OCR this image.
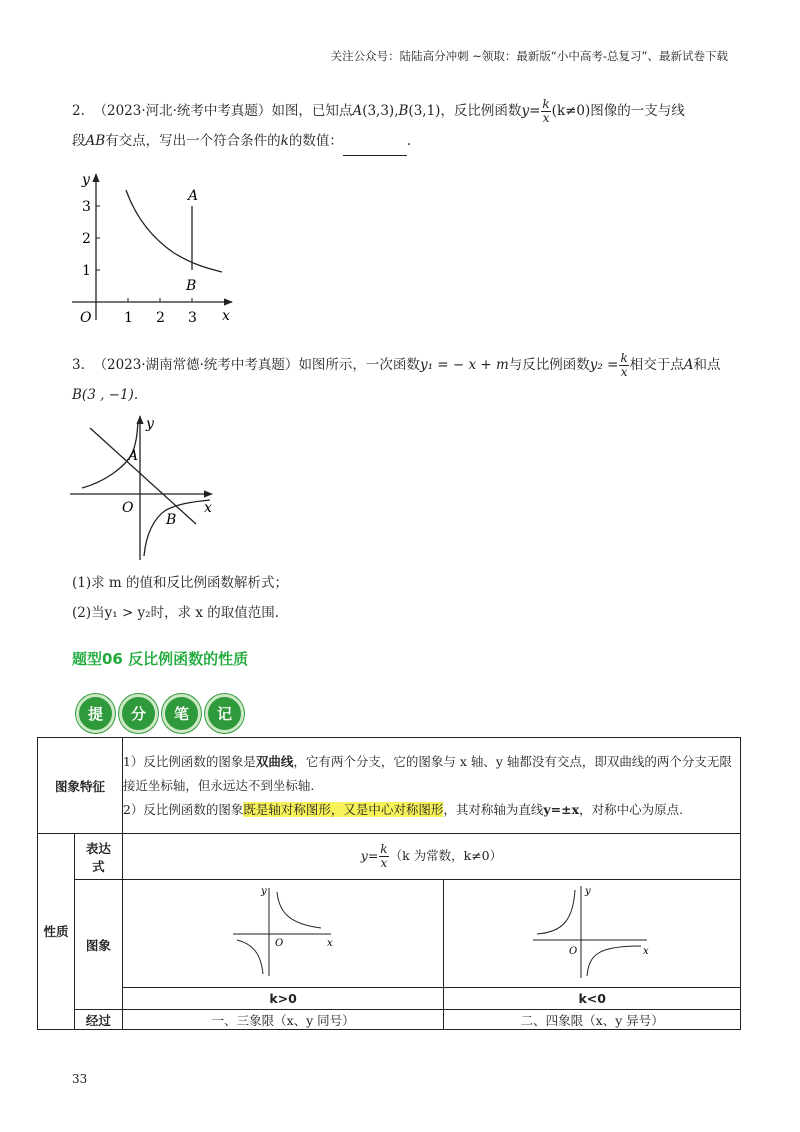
关注公众号：陆陆高分冲刺 ~领取：最新版“小中高考-总复习”、最新试卷下载
2. （2023·河北·统考中考真题）如图，已知点A(3,3),B(3,1)，反比例函数$y= \frac{k}{x} (k\ne 0)$图像的一支与线
段AB有交点，写出一个符合条件的k的数值：	.
y
x
O
3
2
1
1 2 3
A
B
3. （2023·湖南常德·统考中考真题）如图所示，一次函数y₁ = − x + m与反比例函数$y_2 = \frac{k}{x}$ 相交于点A和点
B(3 , −1).
y
x
O
A
B
(1)求 m 的值和反比例函数解析式；
(2)当y₁ > y₂时，求 x 的取值范围.
题型06 反比例函数的性质
提	分	笔	记
图象特征		1）反比例函数的图象是双曲线，它有两个分支，它的图象与 x 轴、y 轴都没有交点，即双曲线的两个分支无限接近坐标轴，但永远达不到坐标轴.
2）反比例函数的图象既是轴对称图形，又是中心对称图形，其对称轴为直线y=±x，对称中心为原点.	

性质	表达式	$y= \frac{k}{x} (k$ 为常数，k≠0）	
	图象	y
x
O	y
x
O

		k>0	k<0
	经过	一、三象限（x、y 同号）	二、四象限（x、y 异号）
33
